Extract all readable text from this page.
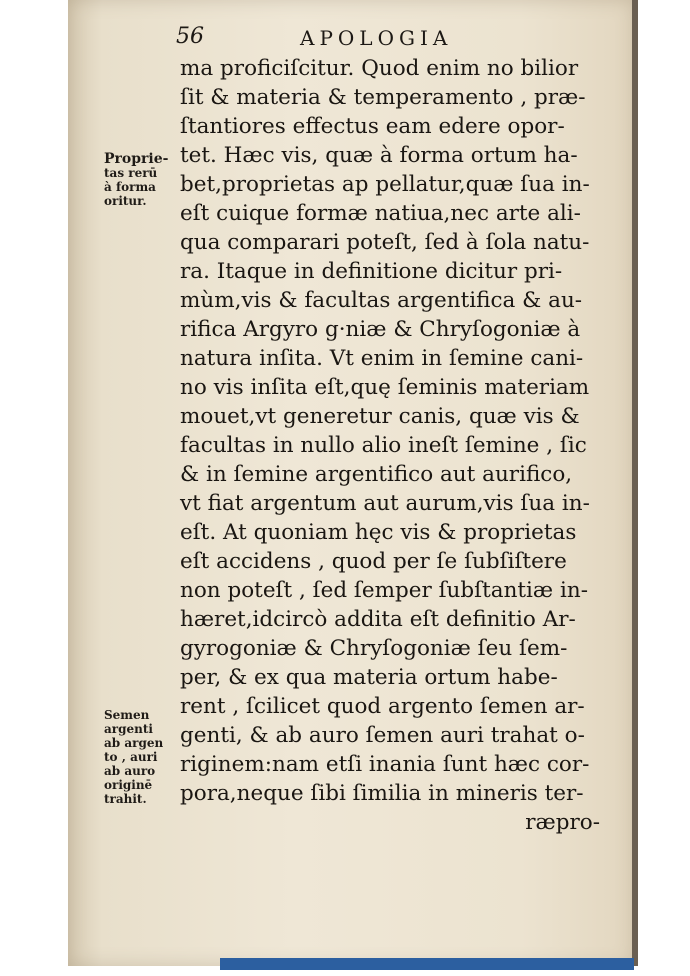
56	APOLOGIA
Proprie-
tas rerū
à forma
oritur.
Semen
argenti
ab argen
to , auri
ab auro
originē
trahit.
ma proficiſcitur. Quod enim no bilior
ſit & materia & temperamento , præ-
ſtantiores effectus eam edere opor-
tet. Hæc vis, quæ à forma ortum ha-
bet,proprietas ap pellatur,quæ ſua in-
eſt cuique formæ natiua,nec arte ali-
qua comparari poteſt, ſed à ſola natu-
ra. Itaque in definitione dicitur pri-
mùm,vis & facultas argentifica & au-
rifica Argyro g·niæ & Chryſogoniæ à
natura inſita. Vt enim in ſemine cani-
no vis inſita eſt,quę ſeminis materiam
mouet,vt generetur canis, quæ vis &
facultas in nullo alio ineſt ſemine , ſic
& in ſemine argentifico aut aurifico,
vt fiat argentum aut aurum,vis ſua in-
eſt. At quoniam hęc vis & proprietas
eſt accidens , quod per ſe ſubſiſtere
non poteſt , ſed ſemper ſubſtantiæ in-
hæret,idcircò addita eſt definitio Ar-
gyrogoniæ & Chryſogoniæ ſeu ſem-
per, & ex qua materia ortum habe-
rent , ſcilicet quod argento ſemen ar-
genti, & ab auro ſemen auri trahat o-
riginem:nam etſi inania ſunt hæc cor-
pora,neque ſibi ſimilia in mineris ter-
ræpro-
